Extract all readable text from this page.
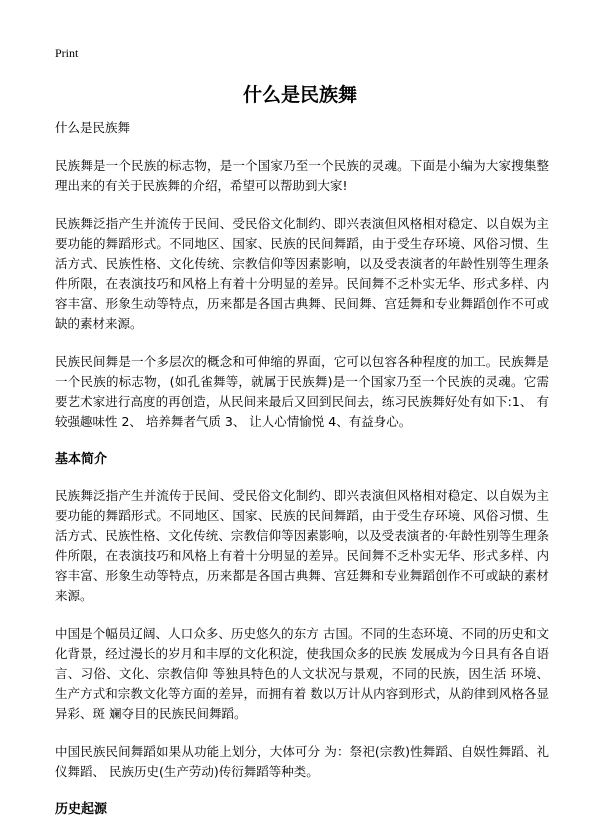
Print
什么是民族舞

什么是民族舞

民族舞是一个民族的标志物，是一个国家乃至一个民族的灵魂。下面是小编为大家搜集整理出来的有关于民族舞的介绍，希望可以帮助到大家!

民族舞泛指产生并流传于民间、受民俗文化制约、即兴表演但风格相对稳定、以自娱为主要功能的舞蹈形式。不同地区、国家、民族的民间舞蹈，由于受生存环境、风俗习惯、生活方式、民族性格、文化传统、宗教信仰等因素影响，以及受表演者的年龄性别等生理条件所限，在表演技巧和风格上有着十分明显的差异。民间舞不乏朴实无华、形式多样、内容丰富、形象生动等特点，历来都是各国古典舞、民间舞、宫廷舞和专业舞蹈创作不可或缺的素材来源。

民族民间舞是一个多层次的概念和可伸缩的界面，它可以包容各种程度的加工。民族舞是一个民族的标志物，(如孔雀舞等，就属于民族舞)是一个国家乃至一个民族的灵魂。它需要艺术家进行高度的再创造，从民间来最后又回到民间去，练习民族舞好处有如下:1、 有较强趣味性 2、 培养舞者气质 3、 让人心情愉悦 4、有益身心。

基本简介

民族舞泛指产生并流传于民间、受民俗文化制约、即兴表演但风格相对稳定、以自娱为主要功能的舞蹈形式。不同地区、国家、民族的民间舞蹈，由于受生存环境、风俗习惯、生活方式、民族性格、文化传统、宗教信仰等因素影响，以及受表演者的·年龄性别等生理条件所限，在表演技巧和风格上有着十分明显的差异。民间舞不乏朴实无华、形式多样、内容丰富、形象生动等特点，历来都是各国古典舞、宫廷舞和专业舞蹈创作不可或缺的素材来源。

中国是个幅员辽阔、人口众多、历史悠久的东方 古国。不同的生态环境、不同的历史和文化背景，经过漫长的岁月和丰厚的文化积淀，使我国众多的民族 发展成为今日具有各自语言、习俗、文化、宗教信仰 等独具特色的人文状况与景观，不同的民族，因生活 环境、生产方式和宗教文化等方面的差异，而拥有着 数以万计从内容到形式，从韵律到风格各显异彩、斑 斓夺目的民族民间舞蹈。

中国民族民间舞蹈如果从功能上划分，大体可分 为：祭祀(宗教)性舞蹈、自娱性舞蹈、礼仪舞蹈、 民族历史(生产劳动)传衍舞蹈等种类。

历史起源
